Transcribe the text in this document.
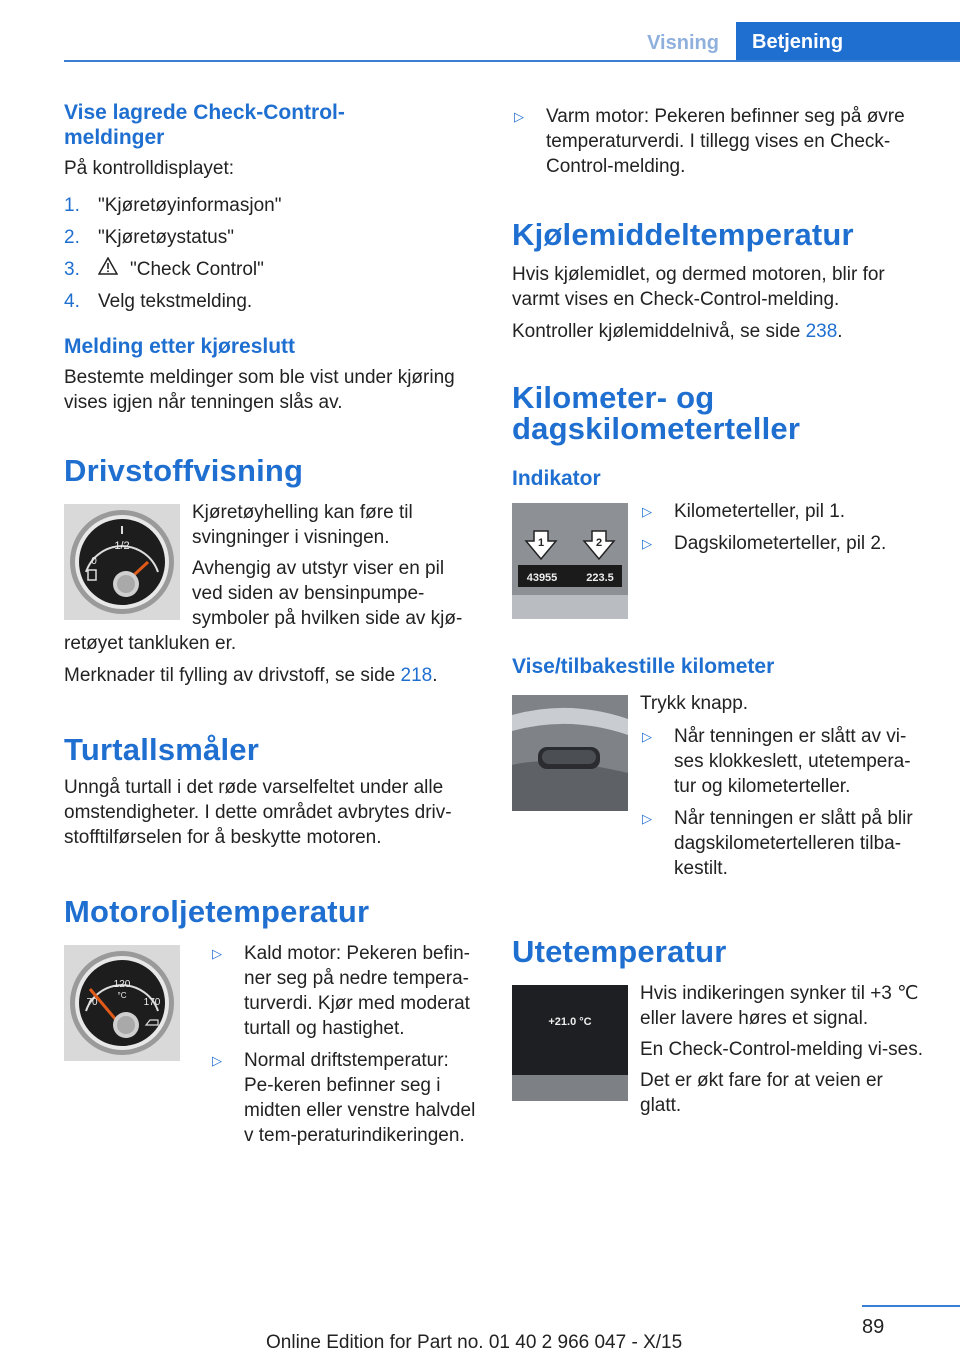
Visning	Betjening
Vise lagrede Check-Control-
meldinger

På kontrolldisplayet:

1. "Kjøretøyinformasjon"
2. "Kjøretøystatus"
3.	"Check Control"
4. Velg tekstmelding.
Melding etter kjøreslutt

Bestemte meldinger som ble vist under kjøring vises igjen når tenningen slås av.

Drivstoffvisning
1/2
0

Kjøretøyhelling kan føre til svingninger i visningen.

Avhengig av utstyr viser en pil ved siden av bensinpumpe-symboler på hvilken side av kjø-retøyet tankluken er.

Merknader til fylling av drivstoff, se side 218.

Turtallsmåler

Unngå turtall i det røde varselfeltet under alle omstendigheter. I dette området avbrytes driv-stofftilførselen for å beskytte motoren.

Motoroljetemperatur
120
°C
70	170
▷	Kald motor: Pekeren befin-ner seg på nedre tempera-turverdi. Kjør med moderat turtall og hastighet.
▷	Normal driftstemperatur: Pe-keren befinner seg i midten eller venstre halvdel v tem-peraturindikeringen.
▷	Varm motor: Pekeren befinner seg på øvre temperaturverdi. I tillegg vises en Check-Control-melding.
Kjølemiddeltemperatur

Hvis kjølemidlet, og dermed motoren, blir for varmt vises en Check-Control-melding.

Kontroller kjølemiddelnivå, se side 238.

Kilometer- og
dagskilometerteller
Indikator
1	2
43955	223.5
▷	Kilometerteller, pil 1.
▷	Dagskilometerteller, pil 2.
Vise/tilbakestille kilometer

Trykk knapp.

▷	Når tenningen er slått av vi-ses klokkeslett, utetempera-tur og kilometerteller.
▷	Når tenningen er slått på blir dagskilometertelleren tilba-kestilt.
Utetemperatur
+21.0 °C

Hvis indikeringen synker til +3 ℃ eller lavere høres et signal.

En Check-Control-melding vi-ses.

Det er økt fare for at veien er glatt.

89
Online Edition for Part no. 01 40 2 966 047 - X/15
